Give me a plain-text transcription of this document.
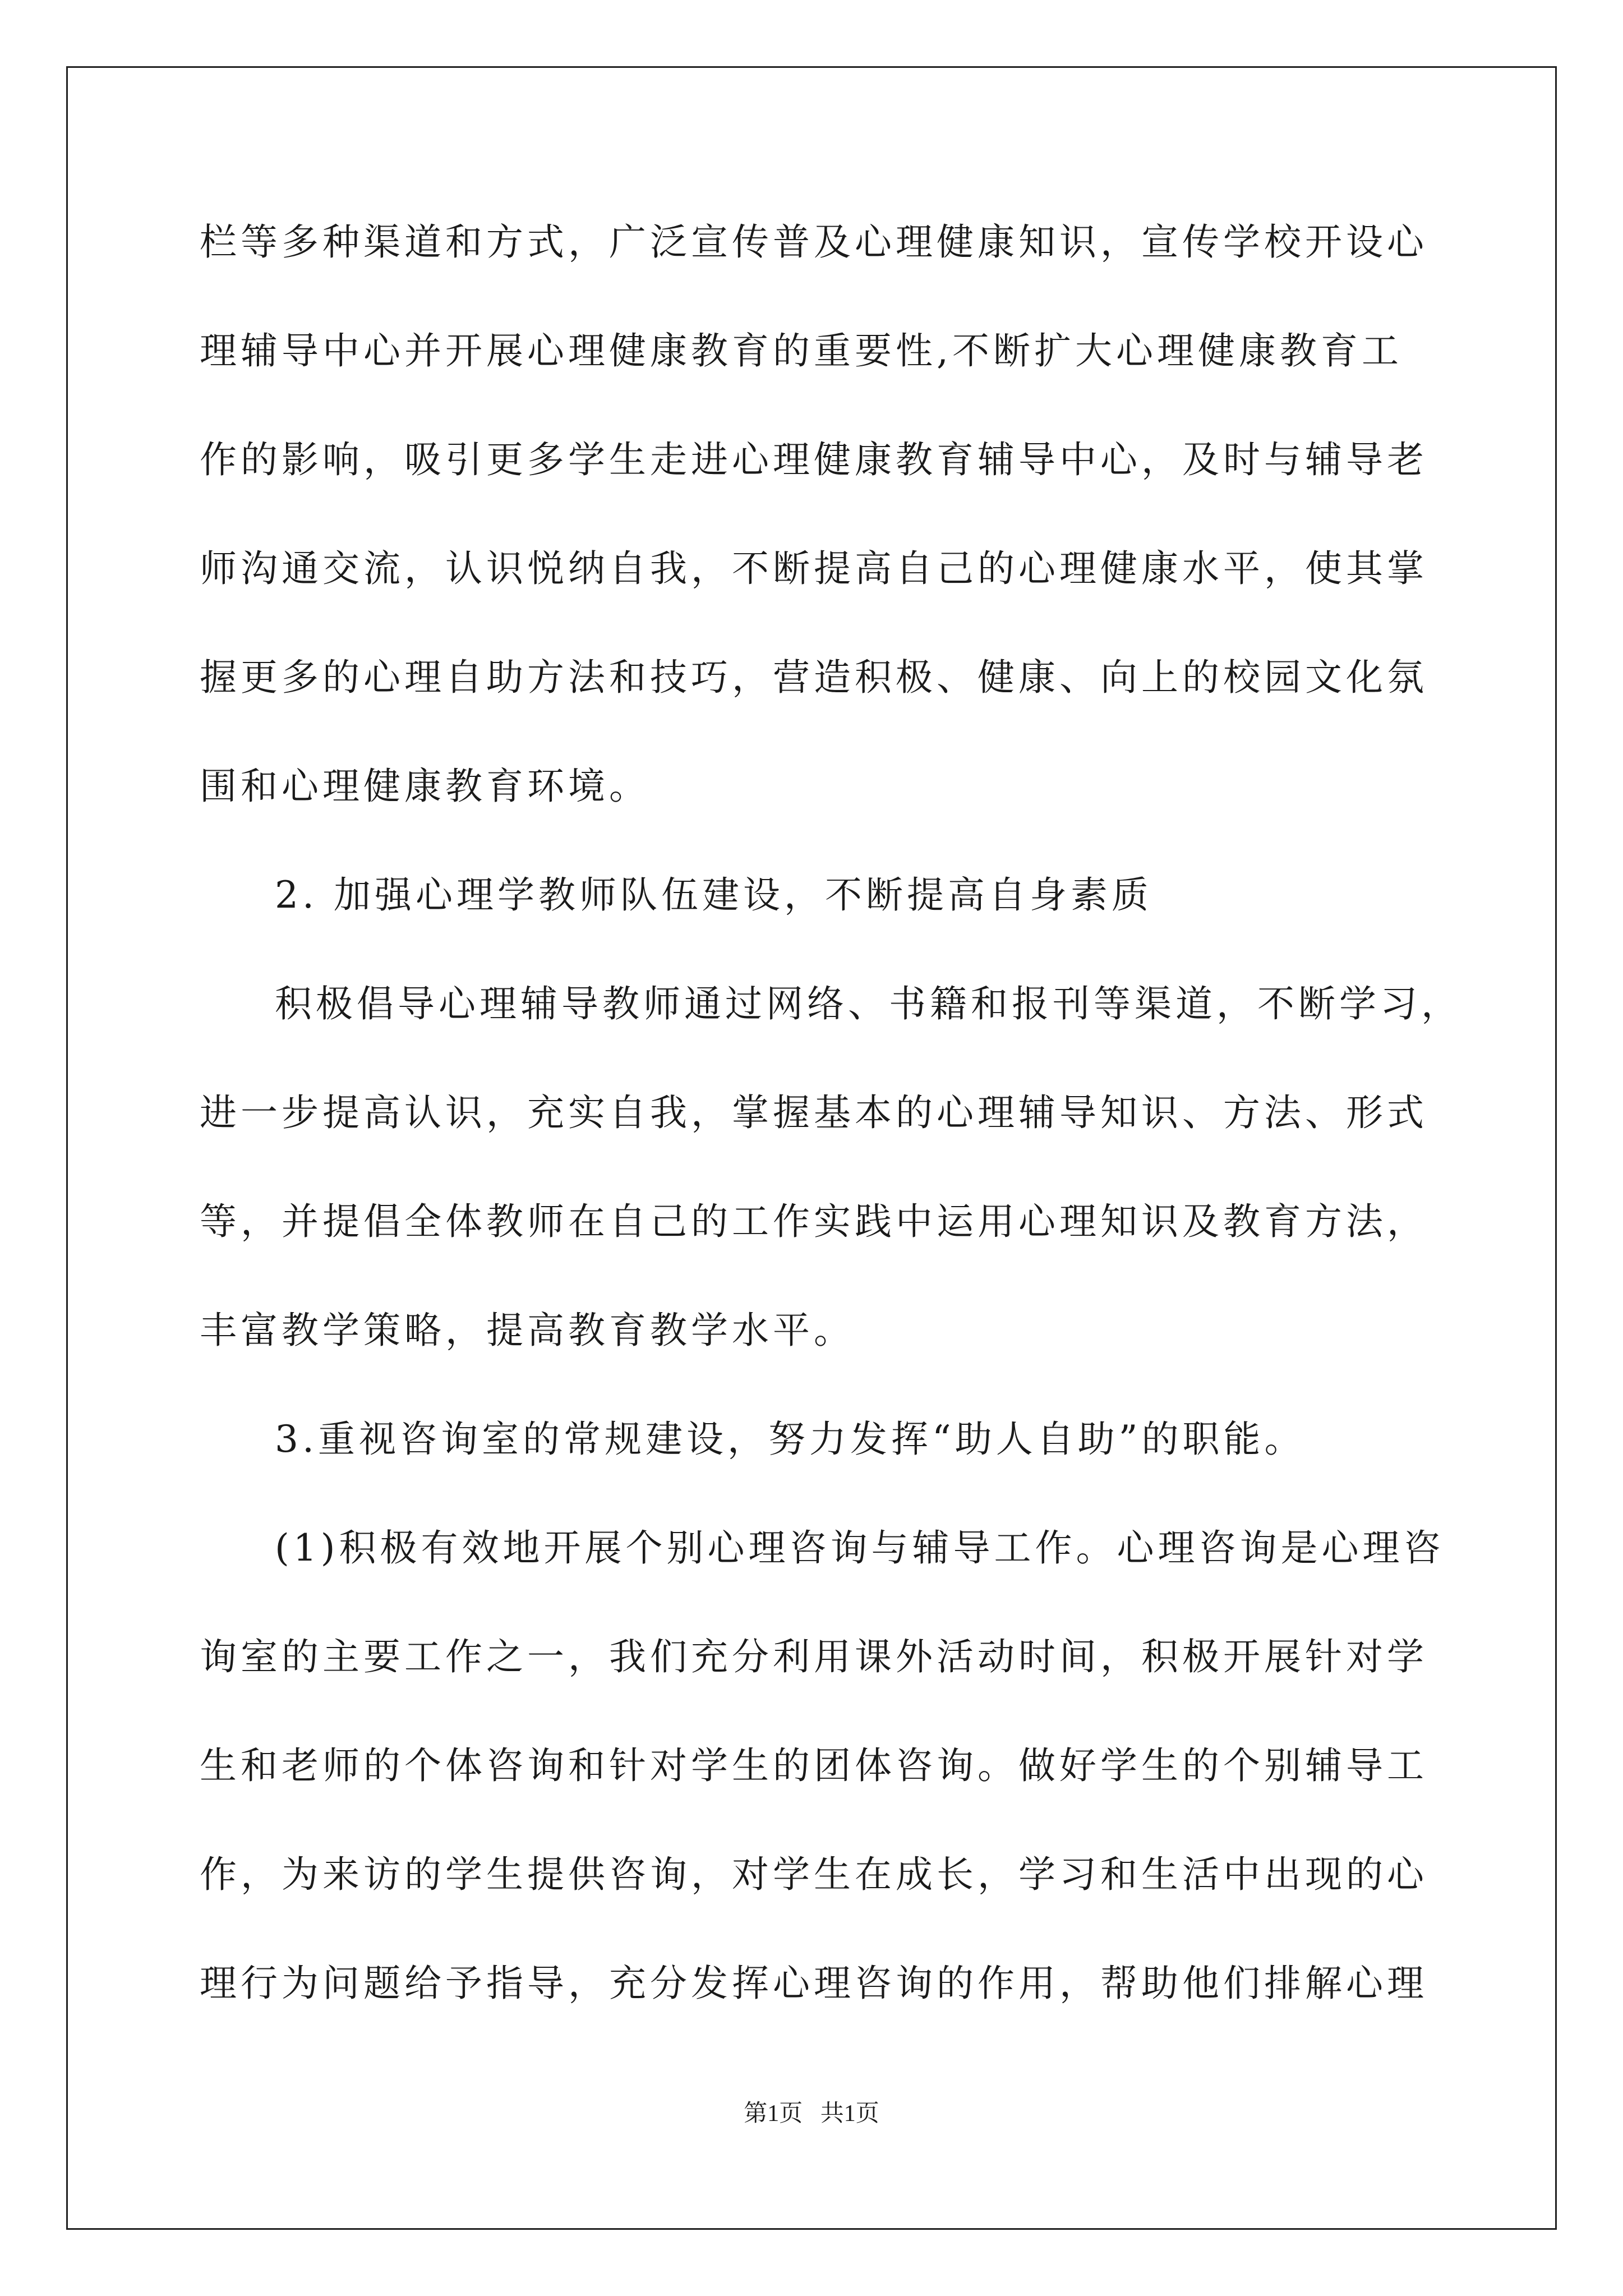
栏等多种渠道和方式，广泛宣传普及心理健康知识，宣传学校开设心
理辅导中心并开展心理健康教育的重要性,不断扩大心理健康教育工
作的影响，吸引更多学生走进心理健康教育辅导中心，及时与辅导老
师沟通交流，认识悦纳自我，不断提高自己的心理健康水平，使其掌
握更多的心理自助方法和技巧，营造积极、健康、向上的校园文化氛
围和心理健康教育环境。
2. 加强心理学教师队伍建设，不断提高自身素质
积极倡导心理辅导教师通过网络、书籍和报刊等渠道，不断学习，
进一步提高认识，充实自我，掌握基本的心理辅导知识、方法、形式
等，并提倡全体教师在自己的工作实践中运用心理知识及教育方法，
丰富教学策略，提高教育教学水平。
3.重视咨询室的常规建设，努力发挥“助人自助”的职能。
(1)积极有效地开展个别心理咨询与辅导工作。心理咨询是心理咨
询室的主要工作之一，我们充分利用课外活动时间，积极开展针对学
生和老师的个体咨询和针对学生的团体咨询。做好学生的个别辅导工
作，为来访的学生提供咨询，对学生在成长，学习和生活中出现的心
理行为问题给予指导，充分发挥心理咨询的作用，帮助他们排解心理
第1页   共1页
